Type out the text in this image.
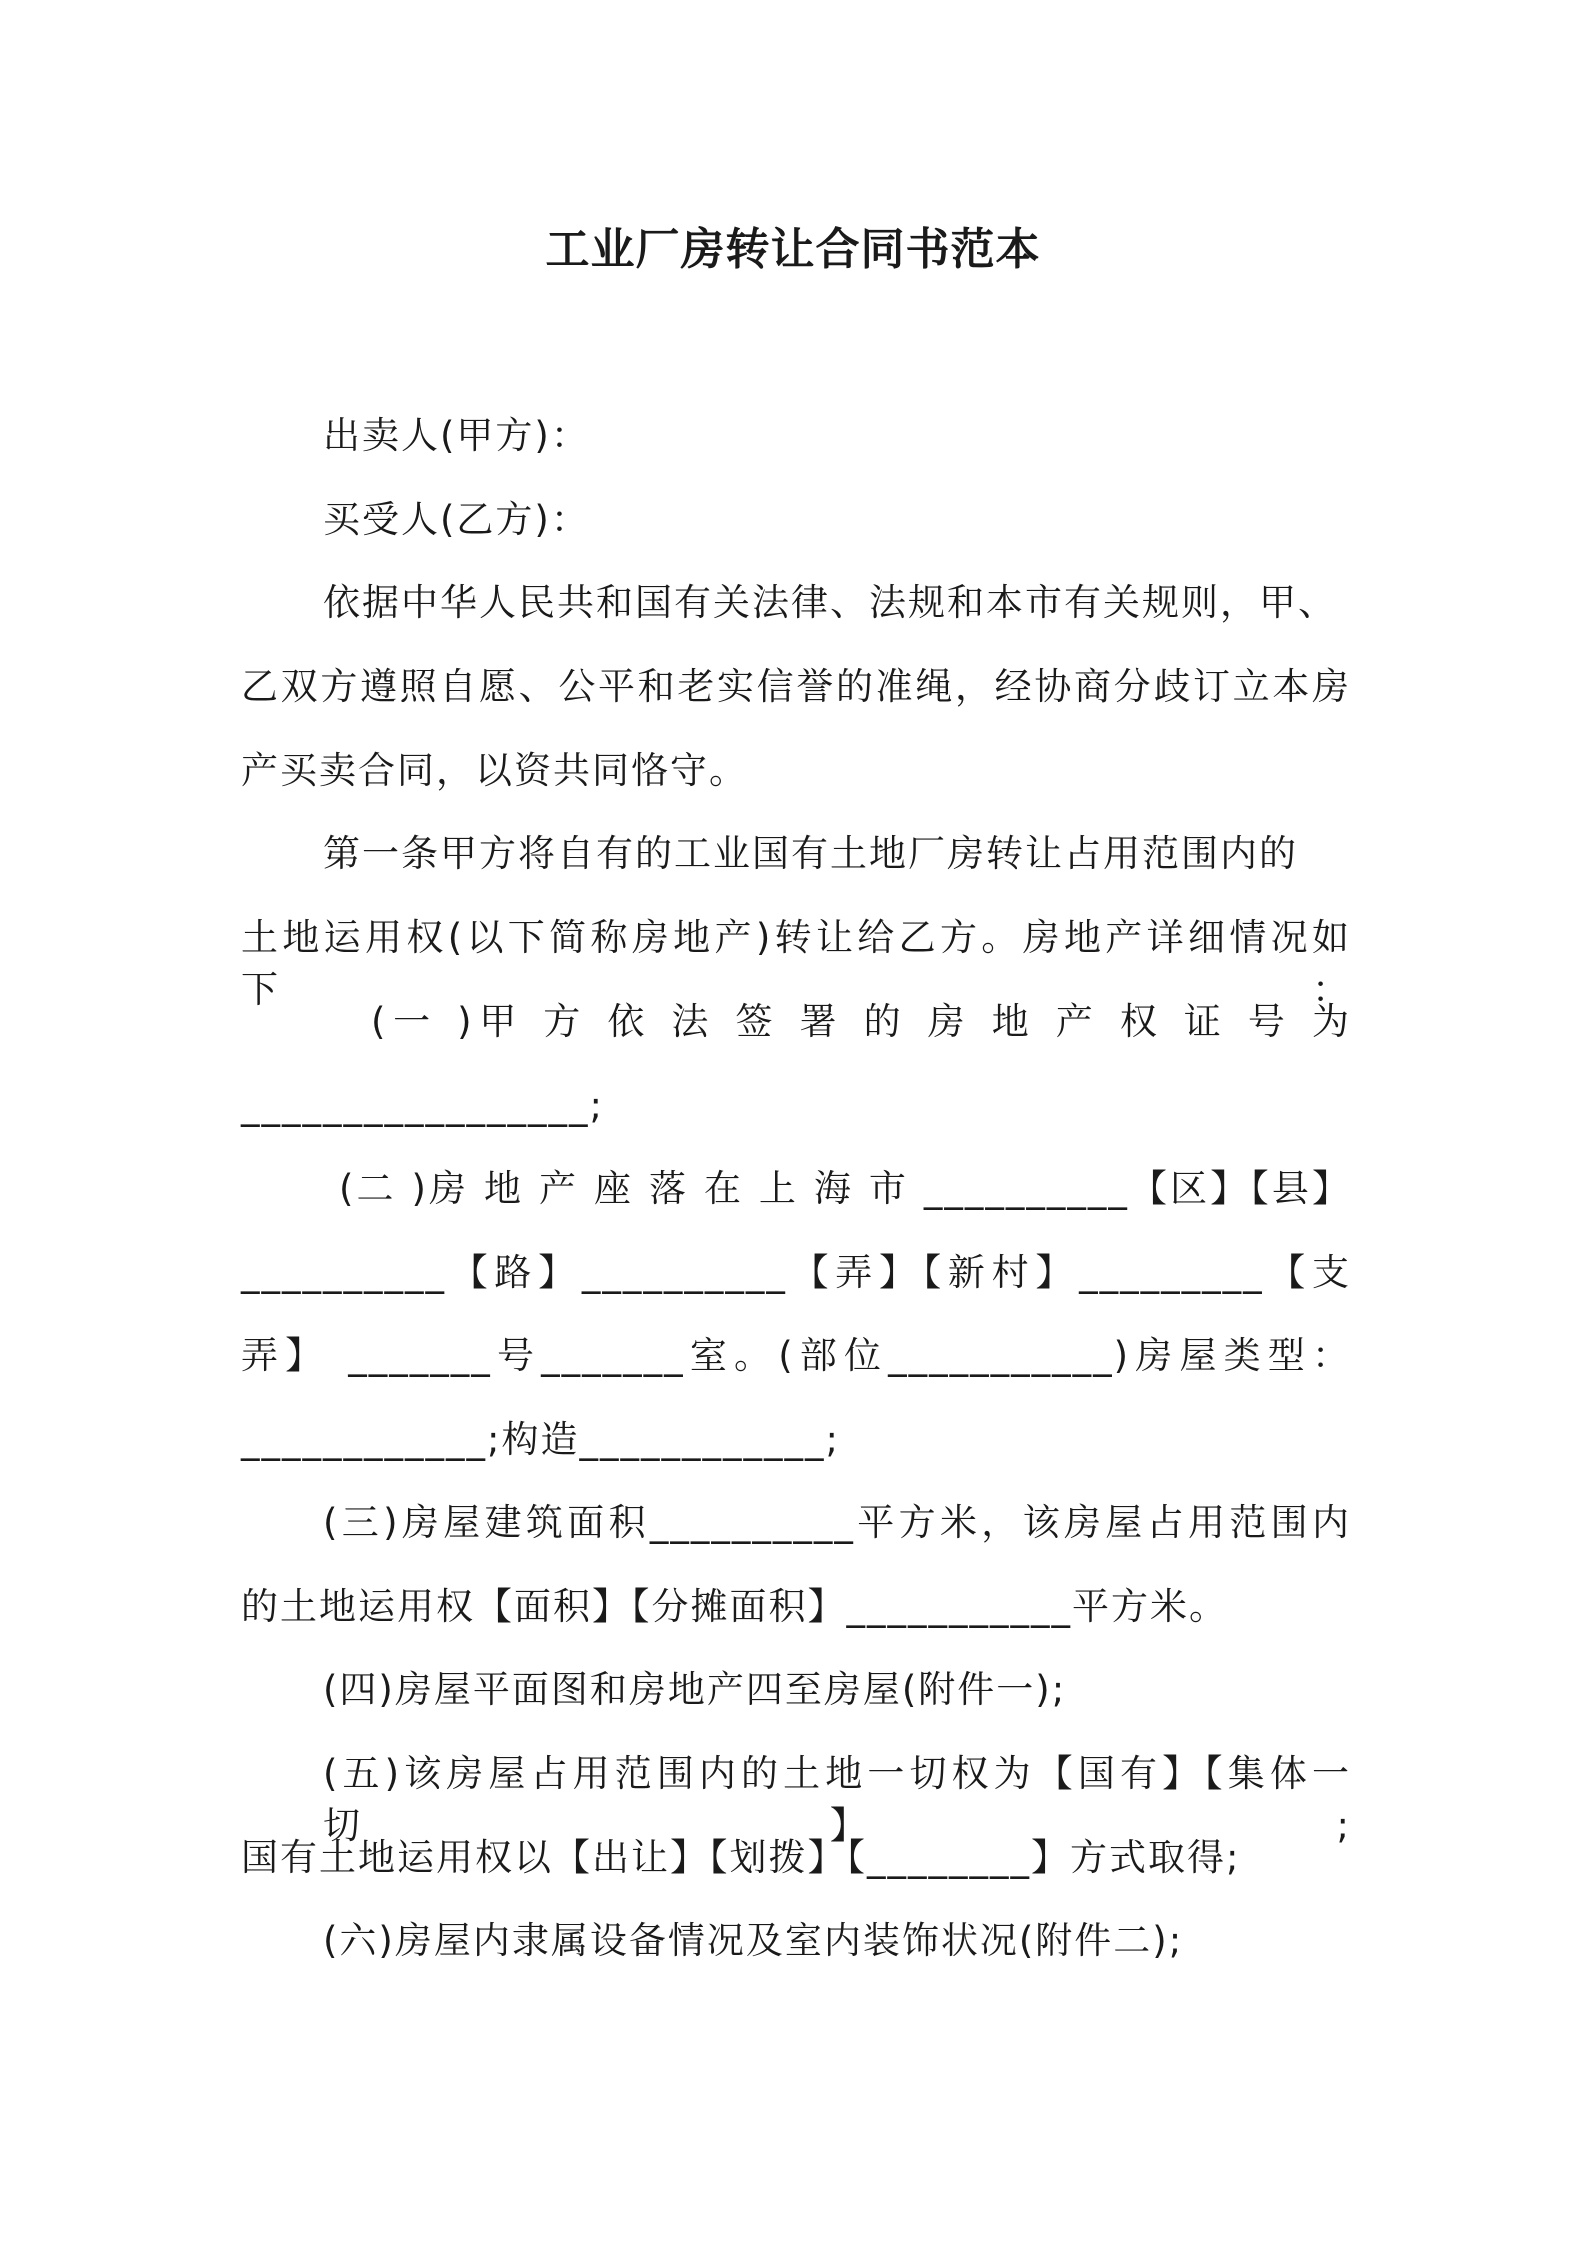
工业厂房转让合同书范本
出卖人(甲方)：
买受人(乙方)：
依据中华人民共和国有关法律、法规和本市有关规则，甲、
乙双方遵照自愿、公平和老实信誉的准绳，经协商分歧订立本房
产买卖合同，以资共同恪守。
第一条甲方将自有的工业国有土地厂房转让占用范围内的
土地运用权(以下简称房地产)转让给乙方。房地产详细情况如下：
(一 )甲 方 依 法 签 署 的 房 地 产 权 证 号 为
_________________;
(二 )房 地 产 座 落 在 上 海 市 __________【区】【县】
__________【路】__________【弄】【新村】_________【支
弄】 _______号_______室。(部位___________)房屋类型：
____________;构造____________;
(三)房屋建筑面积__________平方米，该房屋占用范围内
的土地运用权【面积】【分摊面积】___________平方米。
(四)房屋平面图和房地产四至房屋(附件一);
(五)该房屋占用范围内的土地一切权为【国有】【集体一切】;
国有土地运用权以【出让】【划拨】【________】方式取得;
(六)房屋内隶属设备情况及室内装饰状况(附件二);
